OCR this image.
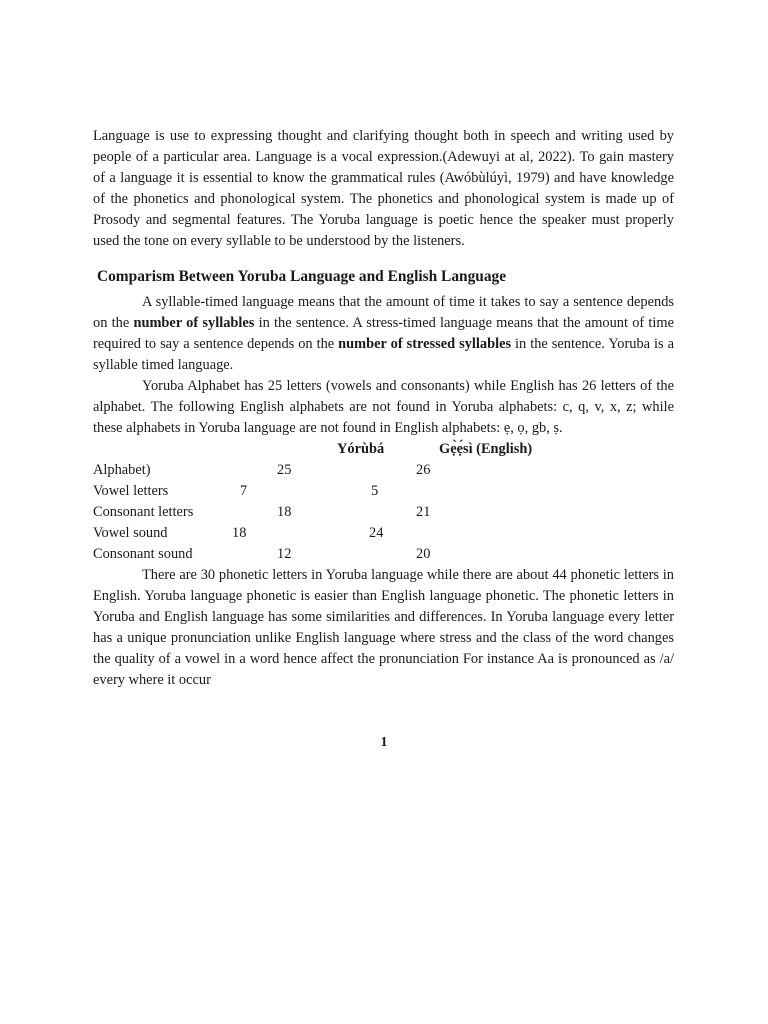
Language is use to expressing thought and clarifying thought both in speech and writing used by people of a particular area. Language is a vocal expression.(Adewuyi at al, 2022). To gain mastery of a language it is essential to know the grammatical rules (Awóbùlúyì, 1979) and have knowledge of the phonetics and phonological system. The phonetics and phonological system is made up of Prosody and segmental features. The Yoruba language is poetic hence the speaker must properly used the tone on every syllable to be understood by the listeners.

Comparism Between Yoruba Language and English Language

A syllable-timed language means that the amount of time it takes to say a sentence depends on the number of syllables in the sentence. A stress-timed language means that the amount of time required to say a sentence depends on the number of stressed syllables in the sentence. Yoruba is a syllable timed language.

Yoruba Alphabet has 25 letters (vowels and consonants) while English has 26 letters of the alphabet. The following English alphabets are not found in Yoruba alphabets: c, q, v, x, z; while these alphabets in Yoruba language are not found in English alphabets: ẹ, ọ, gb, ṣ.

Yórùbá	Gẹ̀ẹ́sì (English)
Alphabet)	25	26
Vowel letters	7	5
Consonant letters	18	21
Vowel sound	18	24
Consonant sound	12	20

There are 30 phonetic letters in Yoruba language while there are about 44 phonetic letters in English. Yoruba language phonetic is easier than English language phonetic. The phonetic letters in Yoruba and English language has some similarities and differences. In Yoruba language every letter has a unique pronunciation unlike English language where stress and the class of the word changes the quality of a vowel in a word hence affect the pronunciation For instance Aa is pronounced as /a/ every where it occur

1
